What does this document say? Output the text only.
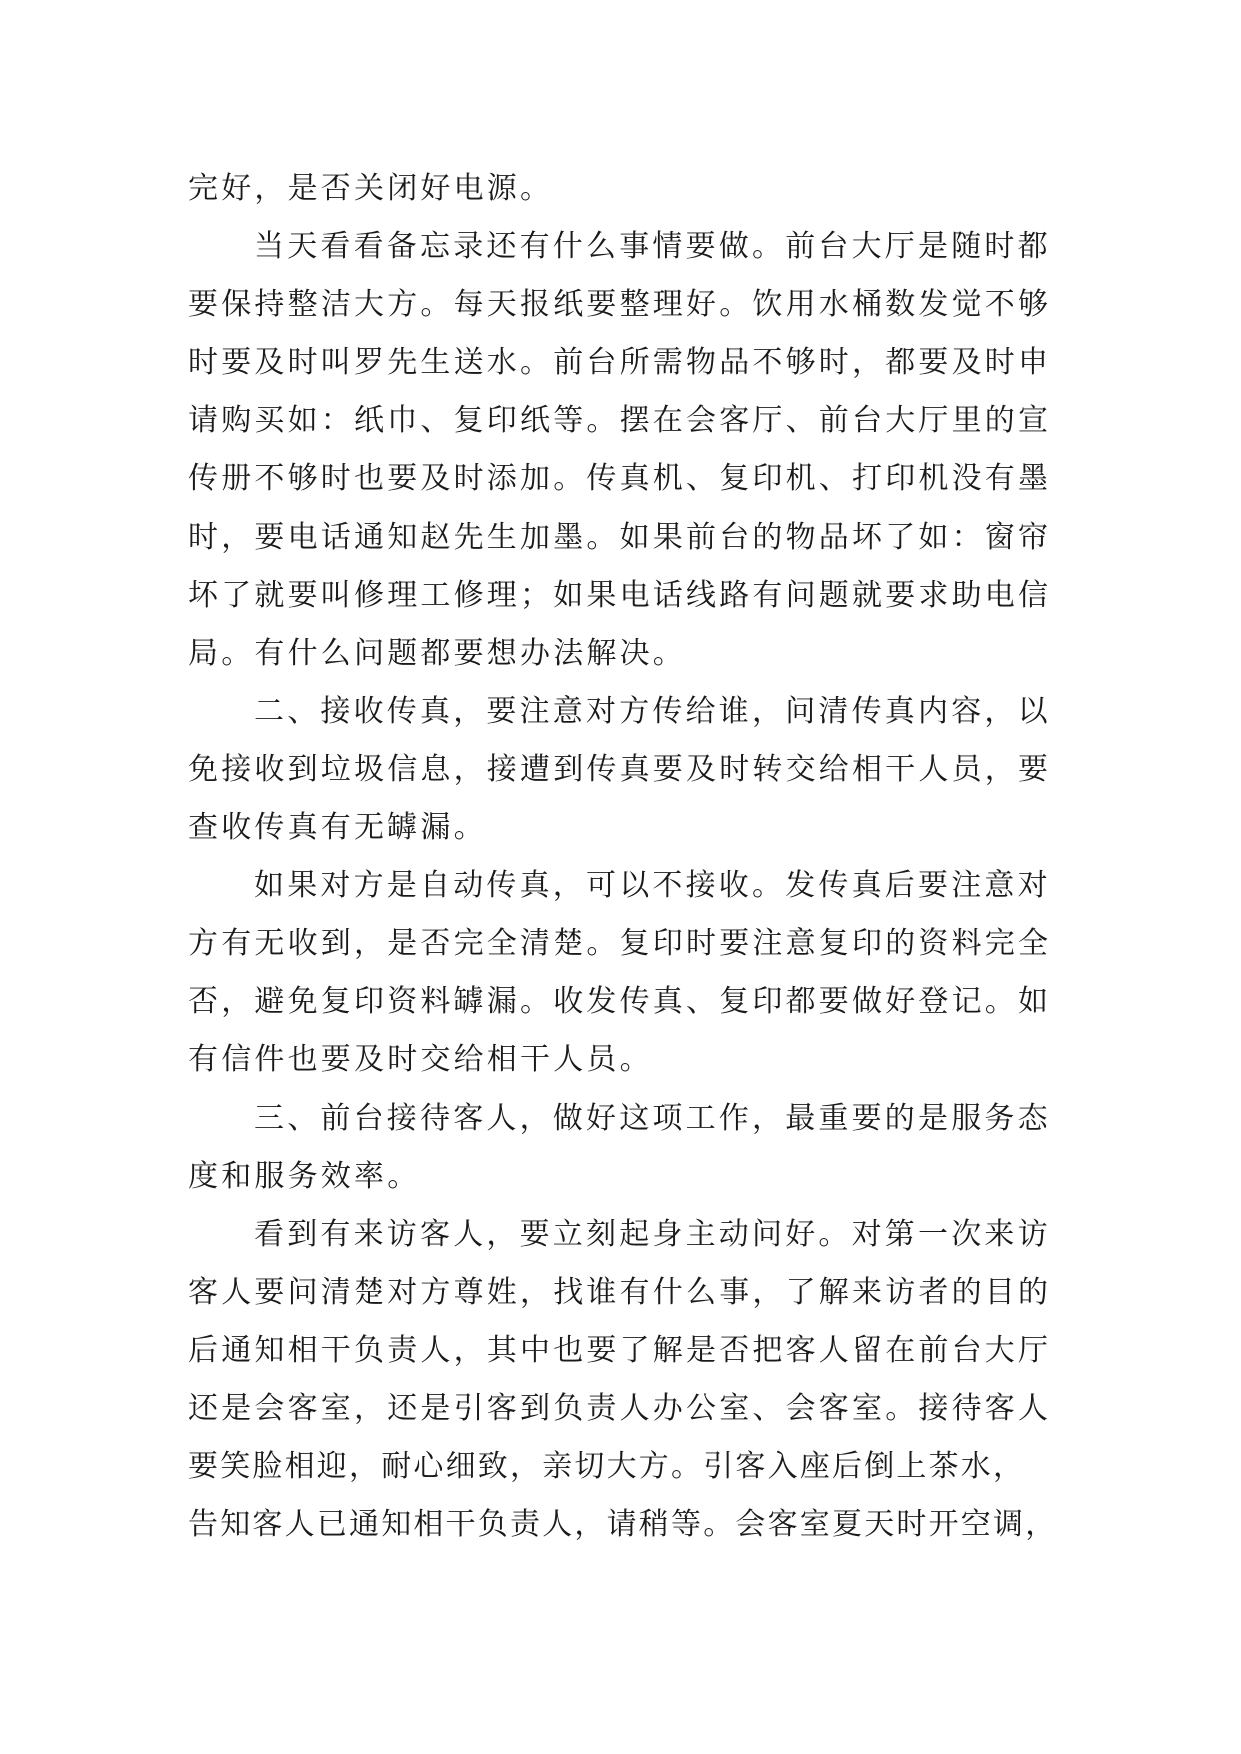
完好，是否关闭好电源。
当天看看备忘录还有什么事情要做。前台大厅是随时都
要保持整洁大方。每天报纸要整理好。饮用水桶数发觉不够
时要及时叫罗先生送水。前台所需物品不够时，都要及时申
请购买如：纸巾、复印纸等。摆在会客厅、前台大厅里的宣
传册不够时也要及时添加。传真机、复印机、打印机没有墨
时，要电话通知赵先生加墨。如果前台的物品坏了如：窗帘
坏了就要叫修理工修理；如果电话线路有问题就要求助电信
局。有什么问题都要想办法解决。
二、接收传真，要注意对方传给谁，问清传真内容，以
免接收到垃圾信息，接遭到传真要及时转交给相干人员，要
查收传真有无罅漏。
如果对方是自动传真，可以不接收。发传真后要注意对
方有无收到，是否完全清楚。复印时要注意复印的资料完全
否，避免复印资料罅漏。收发传真、复印都要做好登记。如
有信件也要及时交给相干人员。
三、前台接待客人，做好这项工作，最重要的是服务态
度和服务效率。
看到有来访客人，要立刻起身主动问好。对第一次来访
客人要问清楚对方尊姓，找谁有什么事，了解来访者的目的
后通知相干负责人，其中也要了解是否把客人留在前台大厅
还是会客室，还是引客到负责人办公室、会客室。接待客人
要笑脸相迎，耐心细致，亲切大方。引客入座后倒上茶水，
告知客人已通知相干负责人，请稍等。会客室夏天时开空调，
